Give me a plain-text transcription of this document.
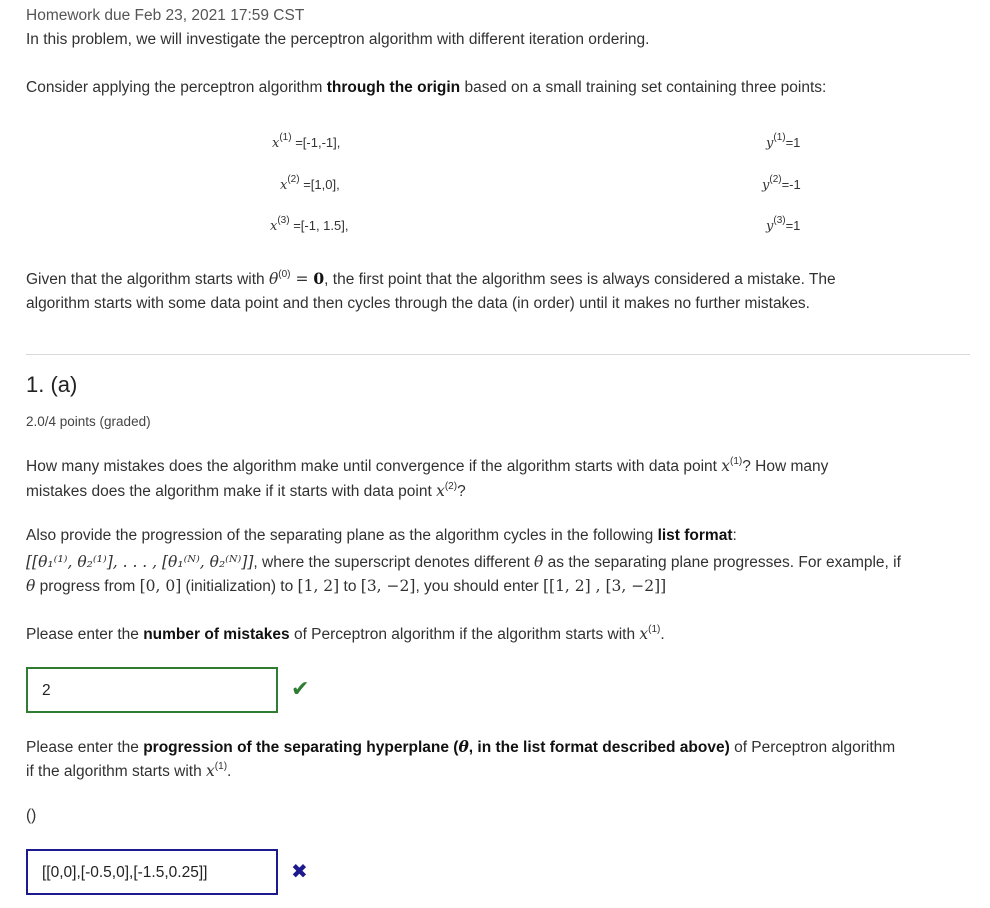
Homework due Feb 23, 2021 17:59 CST
In this problem, we will investigate the perceptron algorithm with different iteration ordering.
Consider applying the perceptron algorithm through the origin based on a small training set containing three points:
$x^{(1)} =[-1,-1]$,
$x^{(2)} =[1,0]$,
$x^{(3)} =[-1$, 1.5],
$y^{(1)}=1$
$y^{(2)}=-1$
$y^{(3)}=1$
Given that the algorithm starts with $\theta^{(0)} = 0$, the first point that the algorithm sees is always considered a mistake. The
algorithm starts with some data point and then cycles through the data (in order) until it makes no further mistakes.
1. (a)
2.0/4 points (graded)
How many mistakes does the algorithm make until convergence if the algorithm starts with data point $x^{(1)}$? How many
mistakes does the algorithm make if it starts with data point $x^{(2)}$?
Also provide the progression of the separating plane as the algorithm cycles in the following list format:
[[θ₁⁽¹⁾, θ₂⁽¹⁾], . . . , [θ₁⁽ᴺ⁾, θ₂⁽ᴺ⁾]], where the superscript denotes different θ as the separating plane progresses. For example, if
θ progress from [0, 0] (initialization) to [1, 2] to [3, −2], you should enter [[1, 2] , [3, −2]]
Please enter the number of mistakes of Perceptron algorithm if the algorithm starts with $x^{(1)}$.
2	✔
Please enter the progression of the separating hyperplane (θ, in the list format described above) of Perceptron algorithm
if the algorithm starts with $x^{(1)}$.
()
[[0,0],[-0.5,0],[-1.5,0.25]]	✖
